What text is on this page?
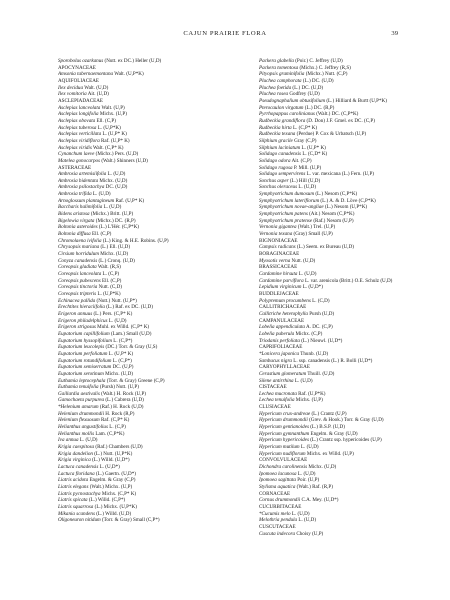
CAJUN PRAIRIE FLORA	39
Sporobolus ozarkanus (Nutt. ex DC.) Heller (U,D)
APOCYNACEAE
Amsonia tabernaemontana Walt. (U,P*K)
AQUIFOLIACEAE
Ilex decidua Walt. (U,D)
Ilex vomitoria Ait. (U,D)
ASCLEPIADACEAE
Asclepias lanceolata Walt. (U,P)
Asclepias longifolia Michx. (U,P)
Asclepias obovata Ell. (C,P)
Asclepias tuberosa L. (U,P*K)
Asclepias verticillata L. (U,P* K)
Asclepias viridiflora Raf. (U,P* K)
Asclepias viridis Walt. (C,P* K)
Cynanchum laeve (Michx.) Pers. (U,D)
Matelea gonocarpos (Walt.) Shinners (U,D)
ASTERACEAE
Ambrosia artemisiifolia L. (U,D)
Ambrosia bidentata Michx. (U,D)
Ambrosia psilostachya DC. (U,D)
Ambrosia trifida L. (U,D)
Arnoglossum plantagineum Raf. (U,P* K)
Baccharis halimifolia L. (U,D)
Bidens aristosa (Michx.) Britt. (U,P)
Bigelowia virgata (Michx.) DC. (R,P)
Boltonia asteroides (L.) L'Hér. (C,P*K)
Boltonia diffusa Ell. (C,P)
Chromolaena ivifolia (L.) King. & H.E. Robins. (U,P)
Chrysopsis mariana (L.) Ell. (U,D)
Cirsium horridulum Michx. (U,D)
Conyza canadensis (L.) Cronq. (U,D)
Coreopsis gladiata Walt. (R,S)
Coreopsis lanceolata L. (C,P)
Coreopsis pubescens Ell. (C,P)
Coreopsis tinctoria Nutt. (C,D)
Coreopsis tripteris L. (U,P*K)
Echinacea pallida (Nutt.) Nutt. (U,P*)
Erechtites hieraciifolia (L.) Raf. ex DC. (U,D)
Erigeron annuus (L.) Pers. (C,P* K)
Erigeron philadelphicus L. (U,D)
Erigeron strigosus Muhl. ex Willd. (C,P* K)
Eupatorium capillifolium (Lam.) Small (U,D)
Eupatorium hyssopifolium L. (C,P*)
Eupatorium leucolepis (DC.) Torr. & Gray (U,S)
Eupatorium perfoliatum L. (U,P* K)
Eupatorium rotundifolium L. (C,P*)
Eupatorium semiserratum DC. (U,P)
Eupatorium serotinum Michx. (U,D)
Euthamia leptocephala (Torr. & Gray) Greene (C,P)
Euthamia tenuifolia (Pursh) Nutt. (U,P)
Gaillardia aestivalis (Walt.) H. Rock (U,P)
Gamochaeta purpurea (L.) Cabrera (U,D)
*Helenium amarum (Raf.) H. Rock (U,D)
Helenium drummondii H. Rock (R,P)
Helenium flexuosum Raf. (C,P* K)
Helianthus angustifolius L. (C,P)
Helianthus mollis Lam. (C,P*K)
Iva annua L. (U,D)
Krigia caespitosa (Raf.) Chambers (U,D)
Krigia dandelion (L.) Nutt. (U,P*K)
Krigia virginica (L.) Willd. (U,D*)
Lactuca canadensis L. (U,D*)
Lactuca floridana (L.) Gaertn. (U,D*)
Liatris acidota Engelm. & Gray (C,P)
Liatris elegans (Walt.) Michx. (U,P)
Liatris pycnostachya Michx. (C,P* K)
Liatris spicata (L.) Willd. (C,P*)
Liatris squarrosa (L.) Michx. (U,P*K)
Mikania scandens (L.) Willd. (U,D)
Oligoneuron nitidum (Torr. & Gray) Small (C,P*)
Packera glabella (Poir.) C. Jeffrey (U,D)
Packera tomentosa (Michx.) C. Jeffrey (R,S)
Pityopsis graminifolia (Michx.) Nutt. (C,P)
Pluchea camphorata (L.) DC. (U,D)
Pluchea foetida (L.) DC. (U,D)
Pluchea rosea Godfrey (U,D)
Pseudognaphalium obtusifolium (L.) Hilliard & Burtt (U,P*K)
Pterocaulon virgatum (L.) DC. (R,P)
Pyrrhopappus carolinianus (Walt.) DC. (C,P*K)
Rudbeckia grandiflora (D. Don) J.F. Gmel. ex DC. (C,P)
Rudbeckia hirta L. (C,P* K)
Rudbeckia texana (Perdue) P. Cox & Urbatsch (U,P)
Silphium gracile Gray (C,P)
Silphium laciniatum L. (U,P* K)
Solidago canadensis L. (C,D* K)
Solidago odora Ait. (C,P)
Solidago rugosa P. Mill. (U,P)
Solidago sempervirens L. var. mexicana (L.) Fern. (U,P)
Sonchus asper (L.) Hill (U,D)
Sonchus oleraceus L. (U,D)
Symphyotrichum dumosum (L.) Nesom (C,P*K)
Symphyotrichum lateriflorum (L.) A. & D. Löve (C,P*K)
Symphyotrichum novae-angliae (L.) Nesom (U,P*K)
Symphyotrichum patens (Ait.) Nesom (C,P*K)
Symphyotrichum pratense (Raf.) Nesom (U,P)
Vernonia gigantea (Walt.) Trel. (U,P)
Vernonia texana (Gray) Small (U,P)
BIGNONIACEAE
Campsis radicans (L.) Seem. ex Bureau (U,D)
BORAGINACEAE
Myosotis verna Nutt. (U,D)
BRASSICACEAE
Cardamine hirsuta L. (U,D)
Cardamine parviflora L. var. arenicola (Britt.) O.E. Schulz (U,D)
Lepidium virginicum L. (U,D*)
BUDDLEJACEAE
Polypremum procumbens L. (C,D)
CALLITRICHACEAE
Callitriche heterophylla Pursh (U,D)
CAMPANULACEAE
Lobelia appendiculata A. DC. (C,P)
Lobelia puberula Michx. (C,P)
Triodanis perfoliata (L.) Nieuwl. (U,D*)
CAPRIFOLIACEAE
*Lonicera japonica Thunb. (U,D)
Sambucus nigra L. ssp. canadensis (L.) R. Bolli (U,D*)
CARYOPHYLLACEAE
Cerastium glomeratum Thuill. (U,D)
Silene antirrhina L. (U,D)
CISTACEAE
Lechea mucronata Raf. (U,P*K)
Lechea tenuifolia Michx. (U,P)
CLUSIACEAE
Hypericum crux-andreae (L.) Crantz (U,P)
Hypericum drummondii (Grev. & Hook.) Torr. & Gray (U,D)
Hypericum gentianoides (L.) B.S.P. (U,D)
Hypericum gymnanthum Engelm. & Gray (U,D)
Hypericum hypericoides (L.) Crantz ssp. hypericoides (U,P)
Hypericum mutilum L. (U,D)
Hypericum nudiflorum Michx. ex Willd. (U,P)
CONVOLVULACEAE
Dichondra carolinensis Michx. (U,D)
Ipomoea lacunosa L. (U,D)
Ipomoea sagittata Poir. (U,P)
Stylisma aquatica (Walt.) Raf. (R,P)
CORNACEAE
Cornus drummondii C.A. Mey. (U,D*)
CUCURBITACEAE
*Cucumis melo L. (U,D)
Melothria pendula L. (U,D)
CUSCUTACEAE
Cuscuta indecora Choisy (U,P)
